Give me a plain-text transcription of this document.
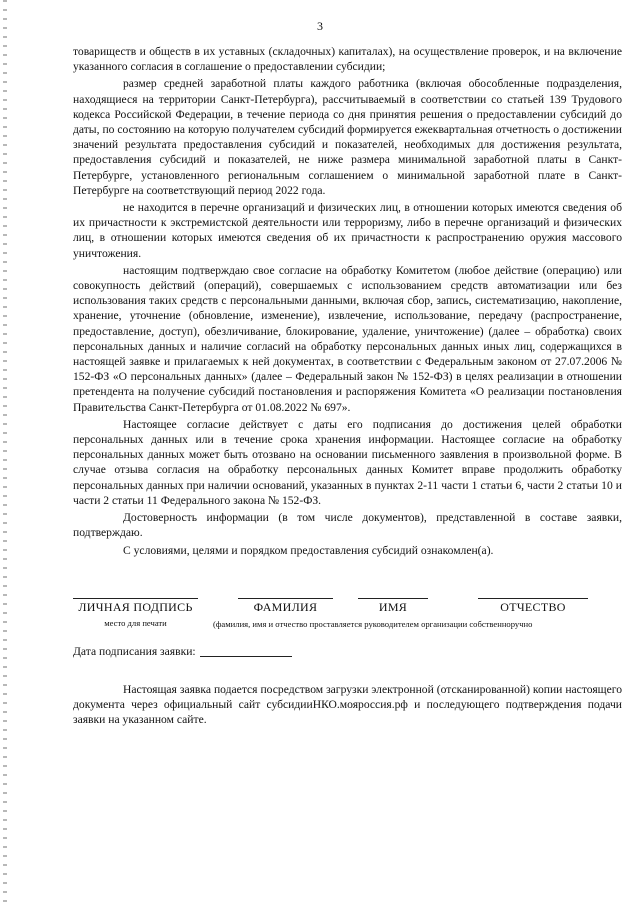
3

товариществ и обществ в их уставных (складочных) капиталах), на осуществление проверок, и на включение указанного согласия в соглашение о предоставлении субсидии;

размер средней заработной платы каждого работника (включая обособленные подразделения, находящиеся на территории Санкт-Петербурга), рассчитываемый в соответствии со статьей 139 Трудового кодекса Российской Федерации, в течение периода со дня принятия решения о предоставлении субсидий до даты, по состоянию на которую получателем субсидий формируется ежеквартальная отчетность о достижении значений результата предоставления субсидий и показателей, необходимых для достижения результата, предоставления субсидий и показателей, не ниже размера минимальной заработной платы в Санкт-Петербурге, установленного региональным соглашением о минимальной заработной плате в Санкт-Петербурге на соответствующий период 2022 года.

не находится в перечне организаций и физических лиц, в отношении которых имеются сведения об их причастности к экстремистской деятельности или терроризму, либо в перечне организаций и физических лиц, в отношении которых имеются сведения об их причастности к распространению оружия массового уничтожения.

настоящим подтверждаю свое согласие на обработку Комитетом (любое действие (операцию) или совокупность действий (операций), совершаемых с использованием средств автоматизации или без использования таких средств с персональными данными, включая сбор, запись, систематизацию, накопление, хранение, уточнение (обновление, изменение), извлечение, использование, передачу (распространение, предоставление, доступ), обезличивание, блокирование, удаление, уничтожение) (далее – обработка) своих персональных данных и наличие согласий на обработку персональных данных иных лиц, содержащихся в настоящей заявке и прилагаемых к ней документах, в соответствии с Федеральным законом от 27.07.2006 № 152-ФЗ «О персональных данных» (далее – Федеральный закон № 152-ФЗ) в целях реализации в отношении претендента на получение субсидий постановления и распоряжения Комитета «О реализации постановления Правительства Санкт-Петербурга от 01.08.2022 № 697».

Настоящее согласие действует с даты его подписания до достижения целей обработки персональных данных или в течение срока хранения информации. Настоящее согласие на обработку персональных данных может быть отозвано на основании письменного заявления в произвольной форме. В случае отзыва согласия на обработку персональных данных Комитет вправе продолжить обработку персональных данных при наличии оснований, указанных в пунктах 2-11 части 1 статьи 6, части 2 статьи 10 и части 2 статьи 11 Федерального закона № 152-ФЗ.

Достоверность информации (в том числе документов), представленной в составе заявки, подтверждаю.

С условиями, целями и порядком предоставления субсидий ознакомлен(а).

ЛИЧНАЯ ПОДПИСЬ
место для печати
ФАМИЛИЯ	ИМЯ	ОТЧЕСТВО
(фамилия, имя и отчество проставляется руководителем организации собственноручно
Дата подписания заявки:

Настоящая заявка подается посредством загрузки электронной (отсканированной) копии настоящего документа через официальный сайт субсидииНКО.мояроссия.рф и последующего подтверждения подачи заявки на указанном сайте.
